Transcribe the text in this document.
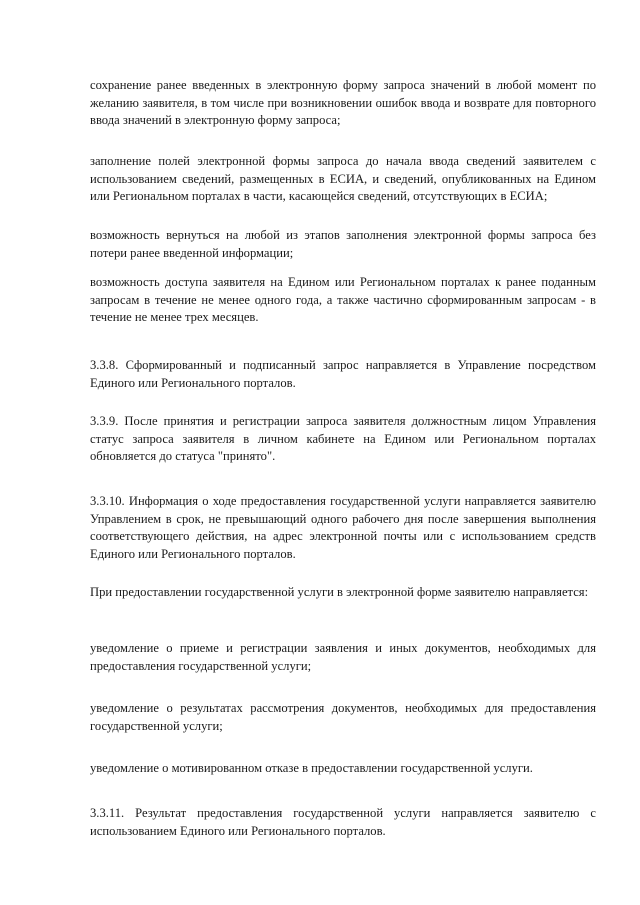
сохранение ранее введенных в электронную форму запроса значений в любой момент по желанию заявителя, в том числе при возникновении ошибок ввода и возврате для повторного ввода значений в электронную форму запроса;

заполнение полей электронной формы запроса до начала ввода сведений заявителем с использованием сведений, размещенных в ЕСИА, и сведений, опубликованных на Едином или Региональном порталах в части, касающейся сведений, отсутствующих в ЕСИА;

возможность вернуться на любой из этапов заполнения электронной формы запроса без потери ранее введенной информации;

возможность доступа заявителя на Едином или Региональном порталах к ранее поданным запросам в течение не менее одного года, а также частично сформированным запросам - в течение не менее трех месяцев.

3.3.8. Сформированный и подписанный запрос направляется в Управление посредством Единого или Регионального порталов.

3.3.9. После принятия и регистрации запроса заявителя должностным лицом Управления статус запроса заявителя в личном кабинете на Едином или Региональном порталах обновляется до статуса "принято".

3.3.10. Информация о ходе предоставления государственной услуги направляется заявителю Управлением в срок, не превышающий одного рабочего дня после завершения выполнения соответствующего действия, на адрес электронной почты или с использованием средств Единого или Регионального порталов.

При предоставлении государственной услуги в электронной форме заявителю направляется:

уведомление о приеме и регистрации заявления и иных документов, необходимых для предоставления государственной услуги;

уведомление о результатах рассмотрения документов, необходимых для предоставления государственной услуги;

уведомление о мотивированном отказе в предоставлении государственной услуги.

3.3.11. Результат предоставления государственной услуги направляется заявителю с использованием Единого или Регионального порталов.
